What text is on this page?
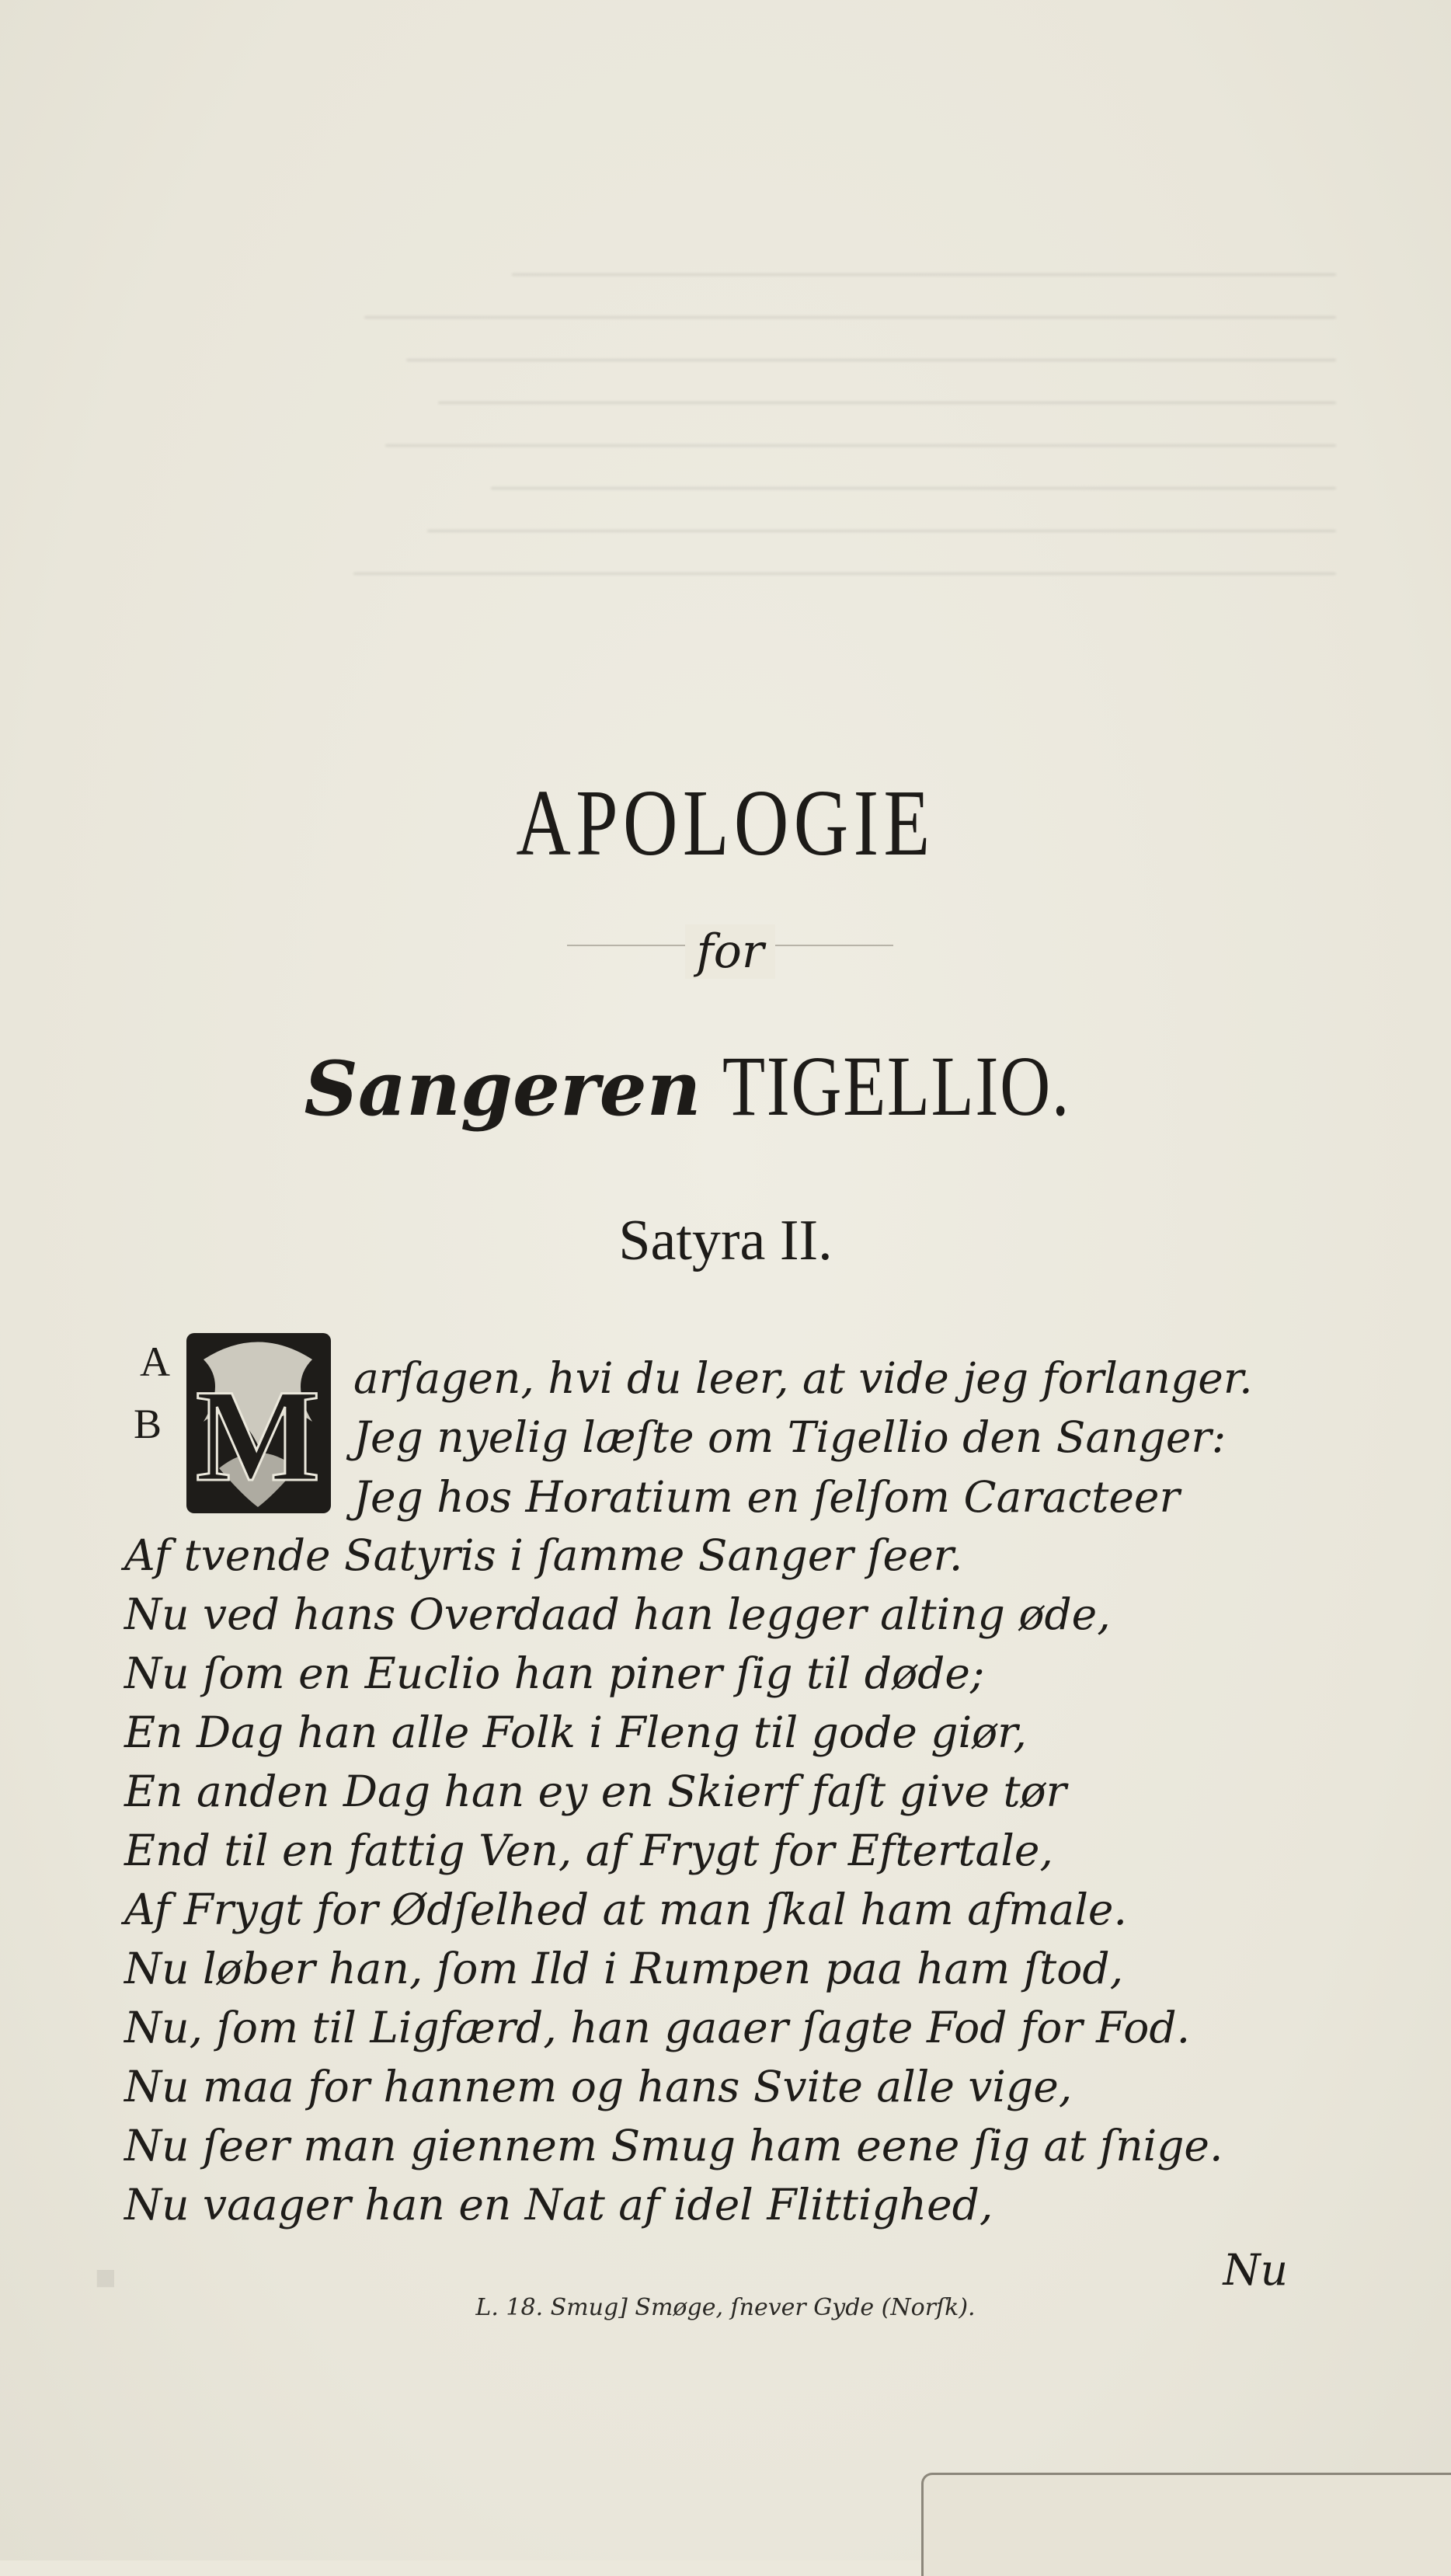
▪
APOLOGIE
for
Sangeren TIGELLIO.
Satyra II.
A
B M arſagen, hvi du leer, at vide jeg forlanger.
Jeg nyelig læſte om Tigellio den Sanger:
Jeg hos Horatium en ſelſom Caracteer
Af tvende Satyris i ſamme Sanger ſeer.
Nu ved hans Overdaad han legger alting øde,
Nu ſom en Euclio han piner ſig til døde;
En Dag han alle Folk i Fleng til gode giør,
En anden Dag han ey en Skierf faſt give tør
End til en fattig Ven, af Frygt for Eftertale,
Af Frygt for Ødſelhed at man ſkal ham afmale.
Nu løber han, ſom Ild i Rumpen paa ham ſtod,
Nu, ſom til Ligfærd, han gaaer ſagte Fod for Fod.
Nu maa for hannem og hans Svite alle vige,
Nu ſeer man giennem Smug ham eene ſig at ſnige.
Nu vaager han en Nat af idel Flittighed,
Nu
L. 18. Smug] Smøge, ſnever Gyde (Norſk).
